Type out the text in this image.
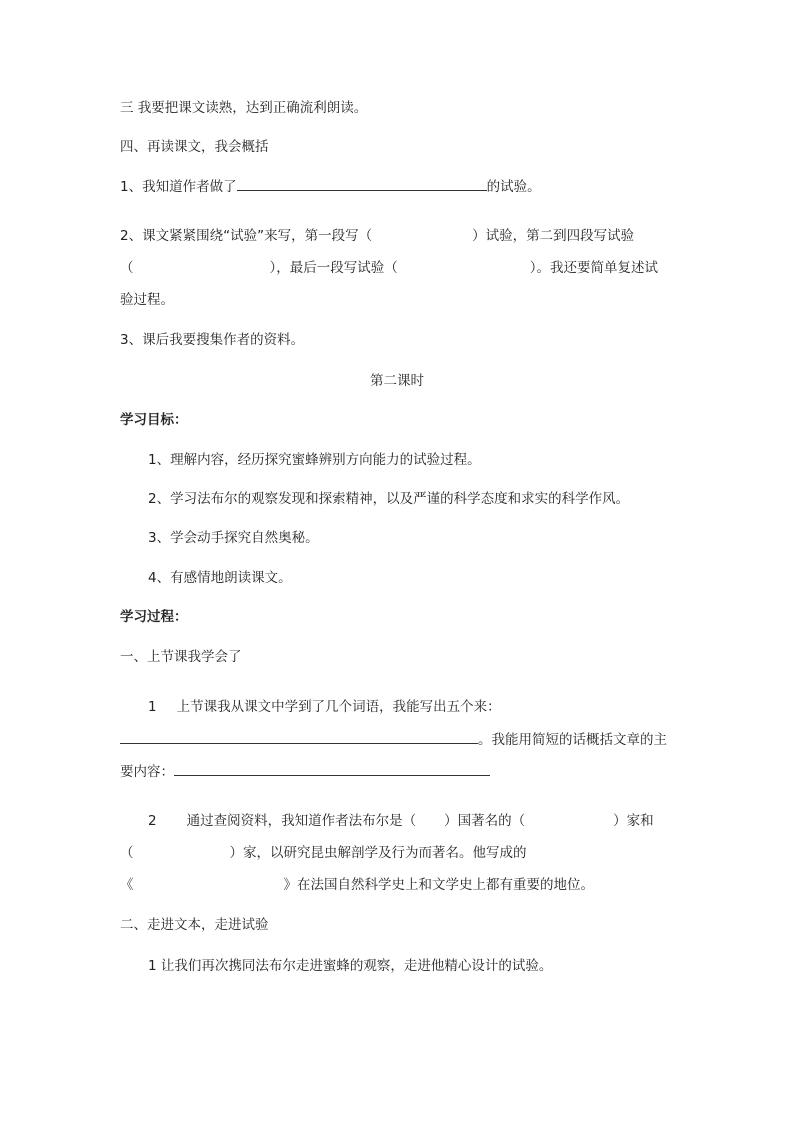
三 我要把课文读熟，达到正确流利朗读。
四、再读课文，我会概括
1、我知道作者做了	的试验。
2、课文紧紧围绕“试验”来写，第一段写（	）试验，第二到四段写试验
（	），最后一段写试验（	）。我还要简单复述试
验过程。
3、课后我要搜集作者的资料。
第二课时
学习目标：
1、理解内容，经历探究蜜蜂辨别方向能力的试验过程。
2、学习法布尔的观察发现和探索精神，以及严谨的科学态度和求实的科学作风。
3、学会动手探究自然奥秘。
4、有感情地朗读课文。
学习过程：
一、上节课我学会了
1 上节课我从课文中学到了几个词语，我能写出五个来：
。我能用简短的话概括文章的主
要内容：
2 通过查阅资料，我知道作者法布尔是（ ）国著名的（	）家和
（	）家，以研究昆虫解剖学及行为而著名。他写成的
《	》在法国自然科学史上和文学史上都有重要的地位。
二、走进文本，走进试验
1 让我们再次携同法布尔走进蜜蜂的观察，走进他精心设计的试验。
